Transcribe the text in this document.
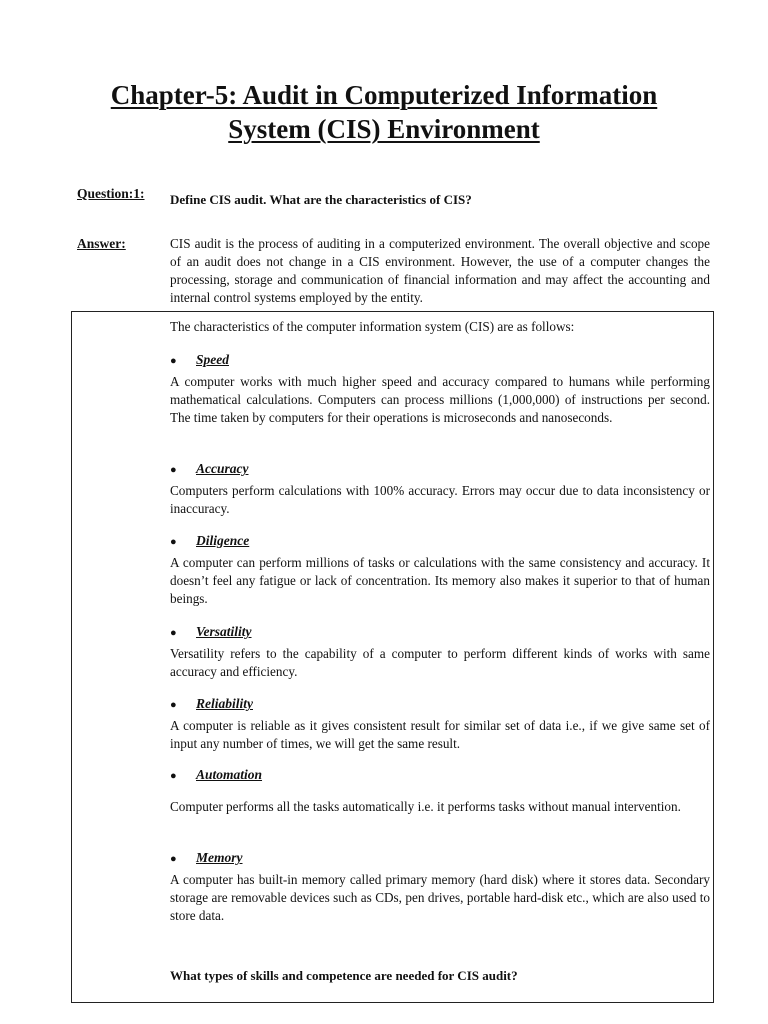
Chapter-5: Audit in Computerized Information
System (CIS) Environment
Question:1: Define CIS audit. What are the characteristics of CIS?
Answer:	CIS audit is the process of auditing in a computerized environment. The overall objective and scope of an audit does not change in a CIS environment. However, the use of a computer changes the processing, storage and communication of financial information and may affect the accounting and internal control systems employed by the entity.
The characteristics of the computer information system (CIS) are as follows:
● Speed
A computer works with much higher speed and accuracy compared to humans while performing mathematical calculations. Computers can process millions (1,000,000) of instructions per second. The time taken by computers for their operations is microseconds and nanoseconds.
● Accuracy
Computers perform calculations with 100% accuracy. Errors may occur due to data inconsistency or inaccuracy.
● Diligence
A computer can perform millions of tasks or calculations with the same consistency and accuracy. It doesn’t feel any fatigue or lack of concentration. Its memory also makes it superior to that of human beings.
● Versatility
Versatility refers to the capability of a computer to perform different kinds of works with same accuracy and efficiency.
● Reliability
A computer is reliable as it gives consistent result for similar set of data i.e., if we give same set of input any number of times, we will get the same result.
● Automation
Computer performs all the tasks automatically i.e. it performs tasks without manual intervention.
● Memory
A computer has built-in memory called primary memory (hard disk) where it stores data. Secondary storage are removable devices such as CDs, pen drives, portable hard-disk etc., which are also used to store data.
What types of skills and competence are needed for CIS audit?
